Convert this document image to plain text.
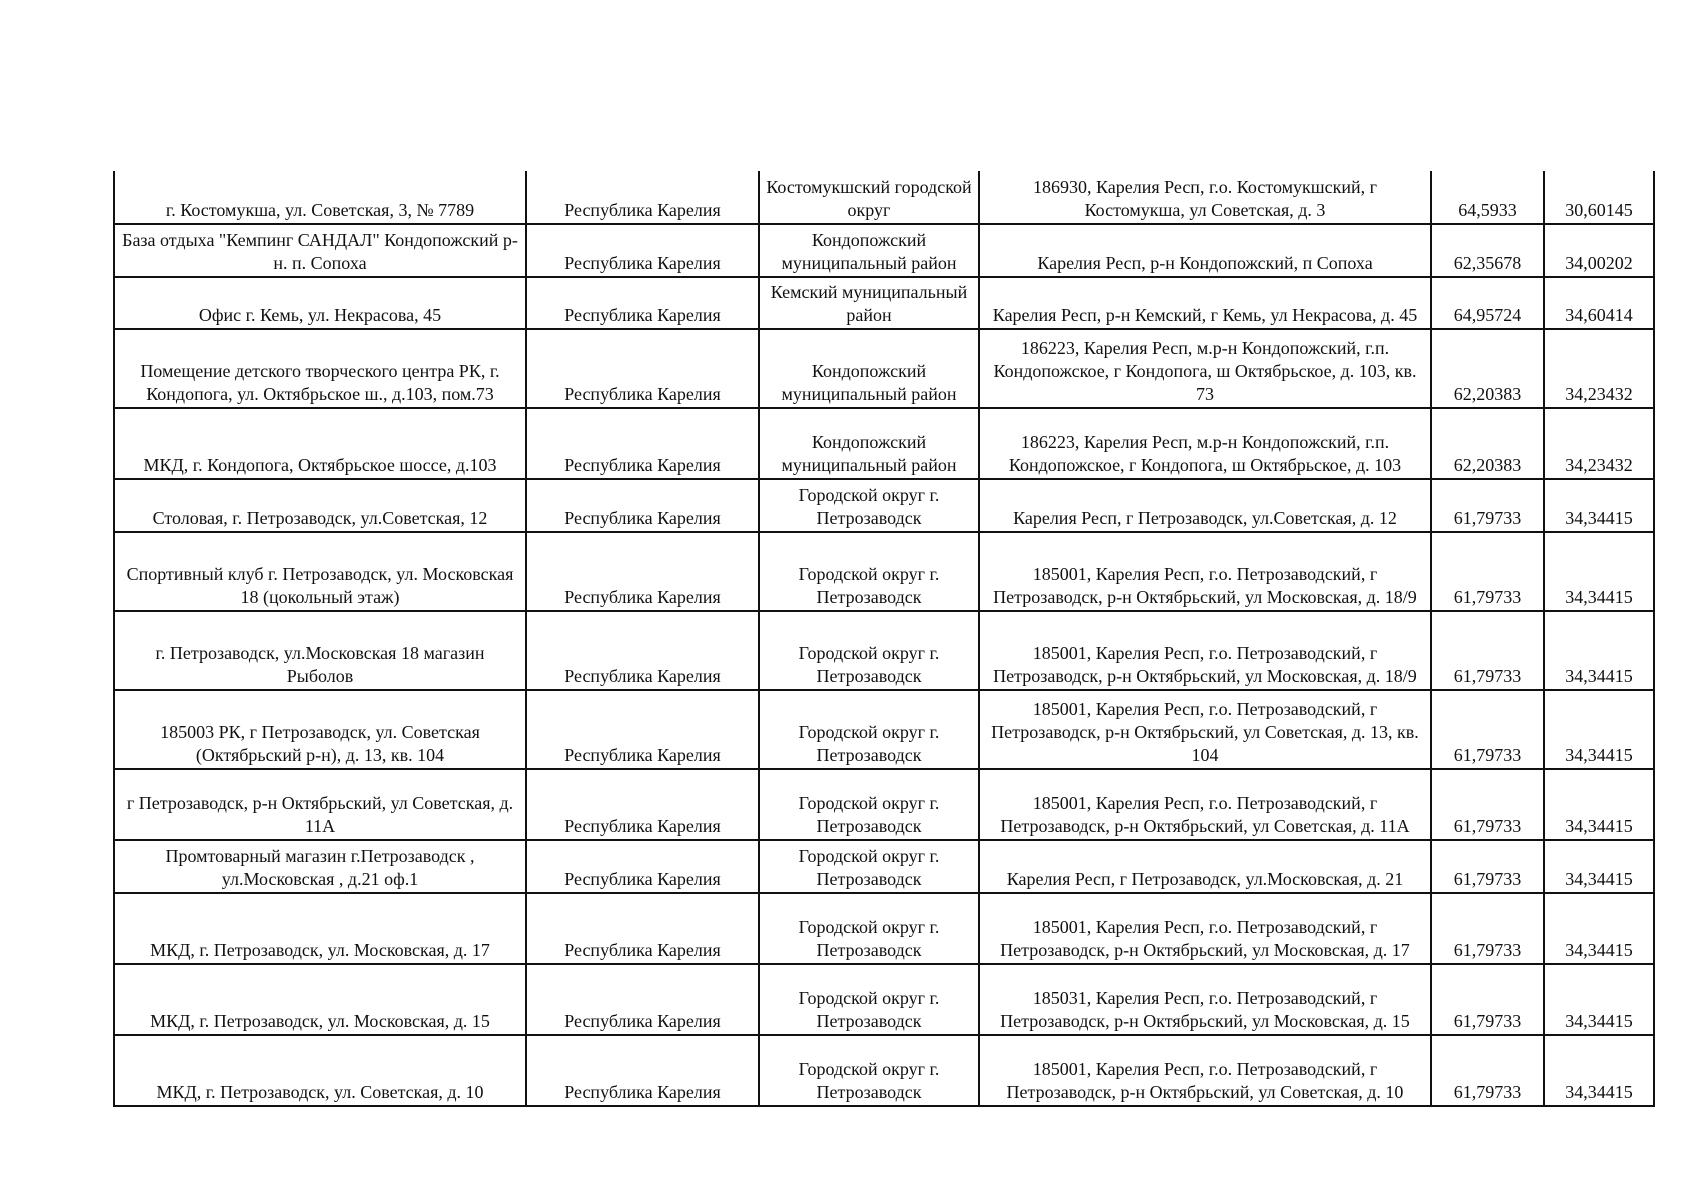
г. Костомукша, ул. Советская, 3, № 7789	Республика Карелия	Костомукшский городской округ	186930, Карелия Респ, г.о. Костомукшский, г Костомукша, ул Советская, д. 3	64,5933	30,60145
База отдыха "Кемпинг САНДАЛ" Кондопожский р-н. п. Сопоха	Республика Карелия	Кондопожский муниципальный район	Карелия Респ, р-н Кондопожский, п Сопоха	62,35678	34,00202
Офис г. Кемь, ул. Некрасова, 45	Республика Карелия	Кемский муниципальный район	Карелия Респ, р-н Кемский, г Кемь, ул Некрасова, д. 45	64,95724	34,60414
Помещение детского творческого центра РК, г. Кондопога, ул. Октябрьское ш., д.103, пом.73	Республика Карелия	Кондопожский муниципальный район	186223, Карелия Респ, м.р-н Кондопожский, г.п. Кондопожское, г Кондопога, ш Октябрьское, д. 103, кв. 73	62,20383	34,23432
МКД, г. Кондопога, Октябрьское шоссе, д.103	Республика Карелия	Кондопожский муниципальный район	186223, Карелия Респ, м.р-н Кондопожский, г.п. Кондопожское, г Кондопога, ш Октябрьское, д. 103	62,20383	34,23432
Столовая, г. Петрозаводск, ул.Советская, 12	Республика Карелия	Городской округ г. Петрозаводск	Карелия Респ, г Петрозаводск, ул.Советская, д. 12	61,79733	34,34415
Спортивный клуб г. Петрозаводск, ул. Московская 18 (цокольный этаж)	Республика Карелия	Городской округ г. Петрозаводск	185001, Карелия Респ, г.о. Петрозаводский, г Петрозаводск, р-н Октябрьский, ул Московская, д. 18/9	61,79733	34,34415
г. Петрозаводск, ул.Московская 18 магазин Рыболов	Республика Карелия	Городской округ г. Петрозаводск	185001, Карелия Респ, г.о. Петрозаводский, г Петрозаводск, р-н Октябрьский, ул Московская, д. 18/9	61,79733	34,34415
185003 РК, г Петрозаводск, ул. Советская (Октябрьский р-н), д. 13, кв. 104	Республика Карелия	Городской округ г. Петрозаводск	185001, Карелия Респ, г.о. Петрозаводский, г Петрозаводск, р-н Октябрьский, ул Советская, д. 13, кв. 104	61,79733	34,34415
г Петрозаводск, р-н Октябрьский, ул Советская, д. 11А	Республика Карелия	Городской округ г. Петрозаводск	185001, Карелия Респ, г.о. Петрозаводский, г Петрозаводск, р-н Октябрьский, ул Советская, д. 11А	61,79733	34,34415
Промтоварный магазин г.Петрозаводск , ул.Московская , д.21 оф.1	Республика Карелия	Городской округ г. Петрозаводск	Карелия Респ, г Петрозаводск, ул.Московская, д. 21	61,79733	34,34415
МКД, г. Петрозаводск, ул. Московская, д. 17	Республика Карелия	Городской округ г. Петрозаводск	185001, Карелия Респ, г.о. Петрозаводский, г Петрозаводск, р-н Октябрьский, ул Московская, д. 17	61,79733	34,34415
МКД, г. Петрозаводск, ул. Московская, д. 15	Республика Карелия	Городской округ г. Петрозаводск	185031, Карелия Респ, г.о. Петрозаводский, г Петрозаводск, р-н Октябрьский, ул Московская, д. 15	61,79733	34,34415
МКД, г. Петрозаводск, ул. Советская, д. 10	Республика Карелия	Городской округ г. Петрозаводск	185001, Карелия Респ, г.о. Петрозаводский, г Петрозаводск, р-н Октябрьский, ул Советская, д. 10	61,79733	34,34415
